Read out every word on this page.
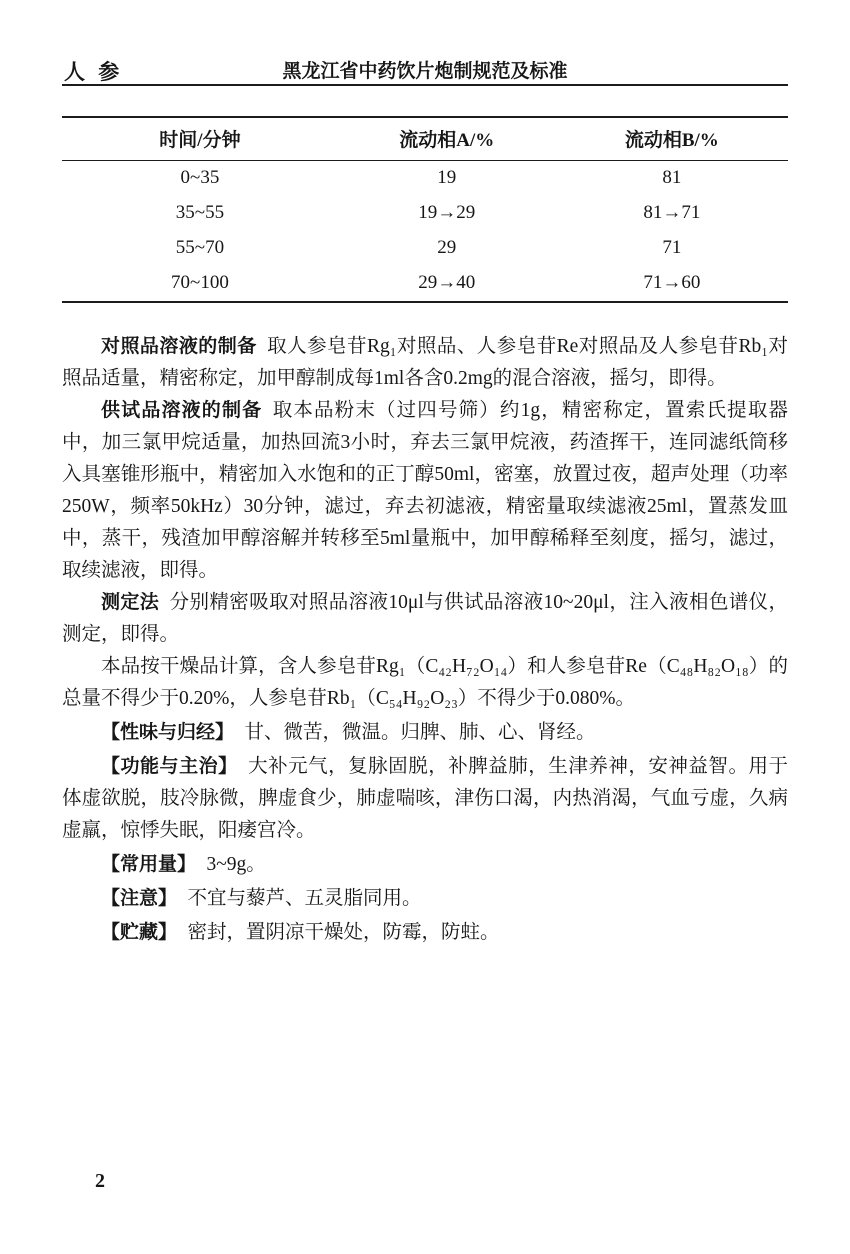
人 参	黑龙江省中药饮片炮制规范及标准
时间/分钟	流动相A/%	流动相B/%
0~35	19	81
35~55	19→29	81→71
55~70	29	71
70~100	29→40	71→60

对照品溶液的制备 取人参皂苷Rg₁对照品、人参皂苷Re对照品及人参皂苷Rb₁对照品适量，精密称定，加甲醇制成每1ml各含0.2mg的混合溶液，摇匀，即得。

供试品溶液的制备 取本品粉末（过四号筛）约1g，精密称定，置索氏提取器中，加三氯甲烷适量，加热回流3小时，弃去三氯甲烷液，药渣挥干，连同滤纸筒移入具塞锥形瓶中，精密加入水饱和的正丁醇50ml，密塞，放置过夜，超声处理（功率250W，频率50kHz）30分钟，滤过，弃去初滤液，精密量取续滤液25ml，置蒸发皿中，蒸干，残渣加甲醇溶解并转移至5ml量瓶中，加甲醇稀释至刻度，摇匀，滤过，取续滤液，即得。

测定法 分别精密吸取对照品溶液10μl与供试品溶液10~20μl，注入液相色谱仪，测定，即得。

本品按干燥品计算，含人参皂苷Rg₁（C₄₂H₇₂O₁₄）和人参皂苷Re（C₄₈H₈₂O₁₈）的总量不得少于0.20%，人参皂苷Rb₁（C₅₄H₉₂O₂₃）不得少于0.080%。

【性味与归经】 甘、微苦，微温。归脾、肺、心、肾经。

【功能与主治】 大补元气，复脉固脱，补脾益肺，生津养神，安神益智。用于体虚欲脱，肢冷脉微，脾虚食少，肺虚喘咳，津伤口渴，内热消渴，气血亏虚，久病虚羸，惊悸失眠，阳痿宫冷。

【常用量】 3~9g。

【注意】 不宜与藜芦、五灵脂同用。

【贮藏】 密封，置阴凉干燥处，防霉，防蛀。

2
